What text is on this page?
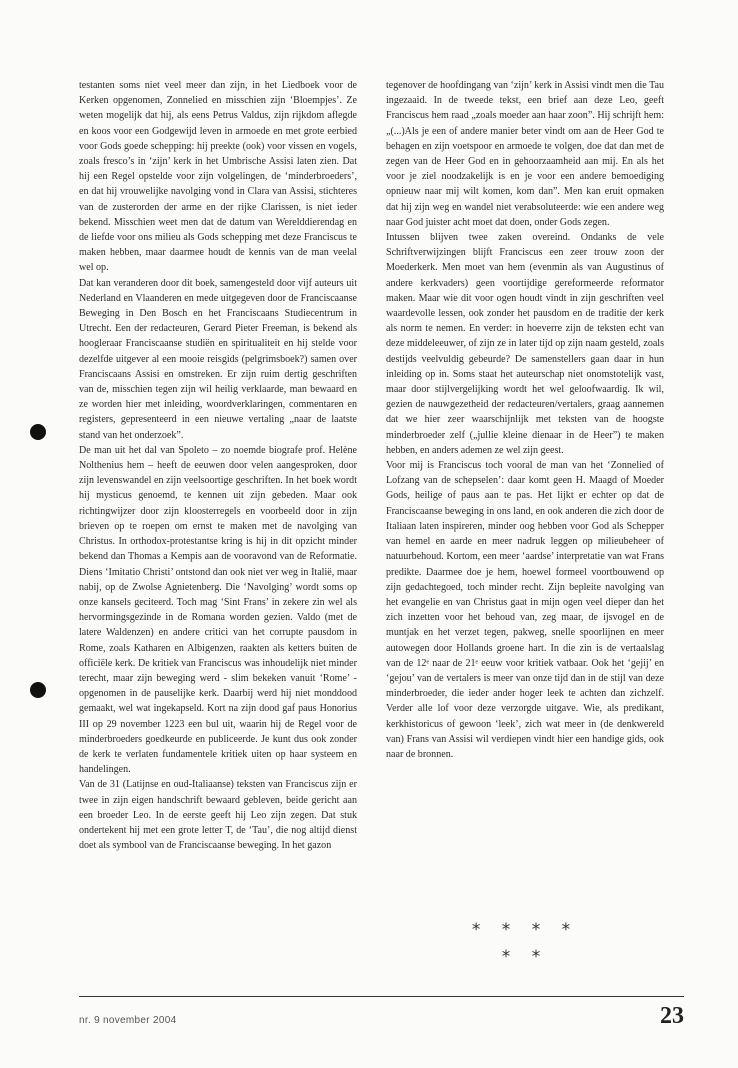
testanten soms niet veel meer dan zijn, in het Liedboek voor de Kerken opgenomen, Zonnelied en misschien zijn ‘Bloempjes’. Ze weten mogelijk dat hij, als eens Petrus Valdus, zijn rijkdom aflegde en koos voor een Godgewijd leven in armoede en met grote eerbied voor Gods goede schepping: hij preekte (ook) voor vissen en vogels, zoals fresco’s in ‘zijn’ kerk in het Umbrische Assisi laten zien. Dat hij een Regel opstelde voor zijn volgelingen, de ‘minderbroeders’, en dat hij vrouwelijke navolging vond in Clara van Assisi, stichteres van de zusterorden der arme en der rijke Clarissen, is niet ieder bekend. Misschien weet men dat de datum van Werelddierendag en de liefde voor ons milieu als Gods schepping met deze Franciscus te maken hebben, maar daarmee houdt de kennis van de man veelal wel op.

Dat kan veranderen door dit boek, samengesteld door vijf auteurs uit Nederland en Vlaanderen en mede uitgegeven door de Franciscaanse Beweging in Den Bosch en het Franciscaans Studiecentrum in Utrecht. Een der redacteuren, Gerard Pieter Freeman, is bekend als hoogleraar Franciscaanse studiën en spiritualiteit en hij stelde voor dezelfde uitgever al een mooie reisgids (pelgrimsboek?) samen over Franciscaans Assisi en omstreken. Er zijn ruim dertig geschriften van de, misschien tegen zijn wil heilig verklaarde, man bewaard en ze worden hier met inleiding, woordverklaringen, commentaren en registers, gepresenteerd in een nieuwe vertaling „naar de laatste stand van het onderzoek”.

De man uit het dal van Spoleto – zo noemde biografe prof. Helène Nolthenius hem – heeft de eeuwen door velen aangesproken, door zijn levenswandel en zijn veelsoortige geschriften. In het boek wordt hij mysticus genoemd, te kennen uit zijn gebeden. Maar ook richtingwijzer door zijn kloosterregels en voorbeeld door in zijn brieven op te roepen om ernst te maken met de navolging van Christus. In orthodox-protestantse kring is hij in dit opzicht minder bekend dan Thomas a Kempis aan de vooravond van de Reformatie. Diens ‘Imitatio Christi’ ontstond dan ook niet ver weg in Italië, maar nabij, op de Zwolse Agnietenberg. Die ‘Navolging’ wordt soms op onze kansels geciteerd. Toch mag ‘Sint Frans’ in zekere zin wel als hervormingsgezinde in de Romana worden gezien. Valdo (met de latere Waldenzen) en andere critici van het corrupte pausdom in Rome, zoals Katharen en Albigenzen, raakten als ketters buiten de officiële kerk. De kritiek van Franciscus was inhoudelijk niet minder terecht, maar zijn beweging werd - slim bekeken vanuit ‘Rome’ - opgenomen in de pauselijke kerk. Daarbij werd hij niet monddood gemaakt, wel wat ingekapseld. Kort na zijn dood gaf paus Honorius III op 29 november 1223 een bul uit, waarin hij de Regel voor de minderbroeders goedkeurde en publiceerde. Je kunt dus ook zonder de kerk te verlaten fundamentele kritiek uiten op haar systeem en handelingen.

Van de 31 (Latijnse en oud-Italiaanse) teksten van Franciscus zijn er twee in zijn eigen handschrift bewaard gebleven, beide gericht aan een broeder Leo. In de eerste geeft hij Leo zijn zegen. Dat stuk ondertekent hij met een grote letter T, de ‘Tau’, die nog altijd dienst doet als symbool van de Franciscaanse beweging. In het gazon

tegenover de hoofdingang van ‘zijn’ kerk in Assisi vindt men die Tau ingezaaid. In de tweede tekst, een brief aan deze Leo, geeft Franciscus hem raad „zoals moeder aan haar zoon”. Hij schrijft hem: „(...)Als je een of andere manier beter vindt om aan de Heer God te behagen en zijn voetspoor en armoede te volgen, doe dat dan met de zegen van de Heer God en in gehoorzaamheid aan mij. En als het voor je ziel noodzakelijk is en je voor een andere bemoediging opnieuw naar mij wilt komen, kom dan”. Men kan eruit opmaken dat hij zijn weg en wandel niet verabsoluteerde: wie een andere weg naar God juister acht moet dat doen, onder Gods zegen.

Intussen blijven twee zaken overeind. Ondanks de vele Schriftverwijzingen blijft Franciscus een zeer trouw zoon der Moederkerk. Men moet van hem (evenmin als van Augustinus of andere kerkvaders) geen voortijdige gereformeerde reformator maken. Maar wie dit voor ogen houdt vindt in zijn geschriften veel waardevolle lessen, ook zonder het pausdom en de traditie der kerk als norm te nemen. En verder: in hoeverre zijn de teksten echt van deze middeleeuwer, of zijn ze in later tijd op zijn naam gesteld, zoals destijds veelvuldig gebeurde? De samenstellers gaan daar in hun inleiding op in. Soms staat het auteurschap niet onomstotelijk vast, maar door stijlvergelijking wordt het wel geloofwaardig. Ik wil, gezien de nauwgezetheid der redacteuren/vertalers, graag aannemen dat we hier zeer waarschijnlijk met teksten van de hoogste minderbroeder zelf („jullie kleine dienaar in de Heer”) te maken hebben, en anders ademen ze wel zijn geest.

Voor mij is Franciscus toch vooral de man van het ‘Zonnelied of Lofzang van de schepselen’: daar komt geen H. Maagd of Moeder Gods, heilige of paus aan te pas. Het lijkt er echter op dat de Franciscaanse beweging in ons land, en ook anderen die zich door de Italiaan laten inspireren, minder oog hebben voor God als Schepper van hemel en aarde en meer nadruk leggen op milieubeheer of natuurbehoud. Kortom, een meer ‘aardse’ interpretatie van wat Frans predikte. Daarmee doe je hem, hoewel formeel voortbouwend op zijn gedachtegoed, toch minder recht. Zijn bepleite navolging van het evangelie en van Christus gaat in mijn ogen veel dieper dan het zich inzetten voor het behoud van, zeg maar, de ijsvogel en de muntjak en het verzet tegen, pakweg, snelle spoorlijnen en meer autowegen door Hollands groene hart. In die zin is de vertaalslag van de 12ᵉ naar de 21ᵉ eeuw voor kritiek vatbaar. Ook het ‘gejij’ en ‘gejou’ van de vertalers is meer van onze tijd dan in de stijl van deze minderbroeder, die ieder ander hoger leek te achten dan zichzelf. Verder alle lof voor deze verzorgde uitgave. Wie, als predikant, kerkhistoricus of gewoon ‘leek’, zich wat meer in (de denkwereld van) Frans van Assisi wil verdiepen vindt hier een handige gids, ook naar de bronnen.

* * * *
* *
nr. 9 november 2004	23
